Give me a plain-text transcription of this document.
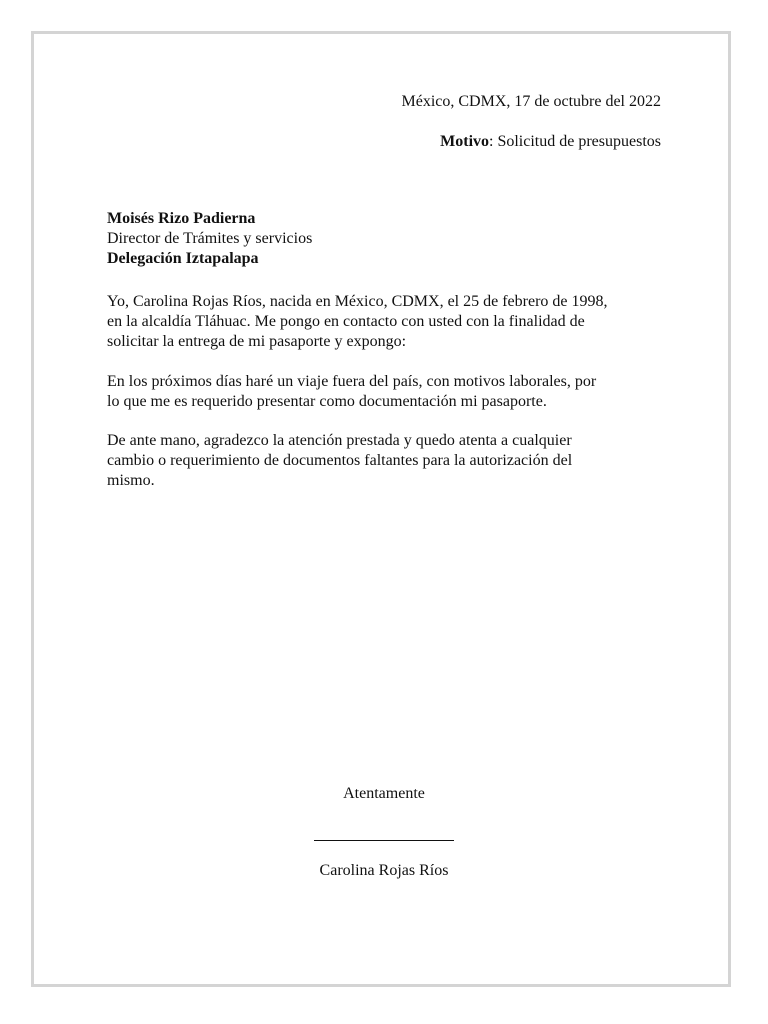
México, CDMX, 17 de octubre del 2022
Motivo: Solicitud de presupuestos
Moisés Rizo Padierna
Director de Trámites y servicios
Delegación Iztapalapa
Yo, Carolina Rojas Ríos, nacida en México, CDMX, el 25 de febrero de 1998,
en la alcaldía Tláhuac. Me pongo en contacto con usted con la finalidad de
solicitar la entrega de mi pasaporte y expongo:
En los próximos días haré un viaje fuera del país, con motivos laborales, por
lo que me es requerido presentar como documentación mi pasaporte.
De ante mano, agradezco la atención prestada y quedo atenta a cualquier
cambio o requerimiento de documentos faltantes para la autorización del
mismo.
Atentamente
Carolina Rojas Ríos
